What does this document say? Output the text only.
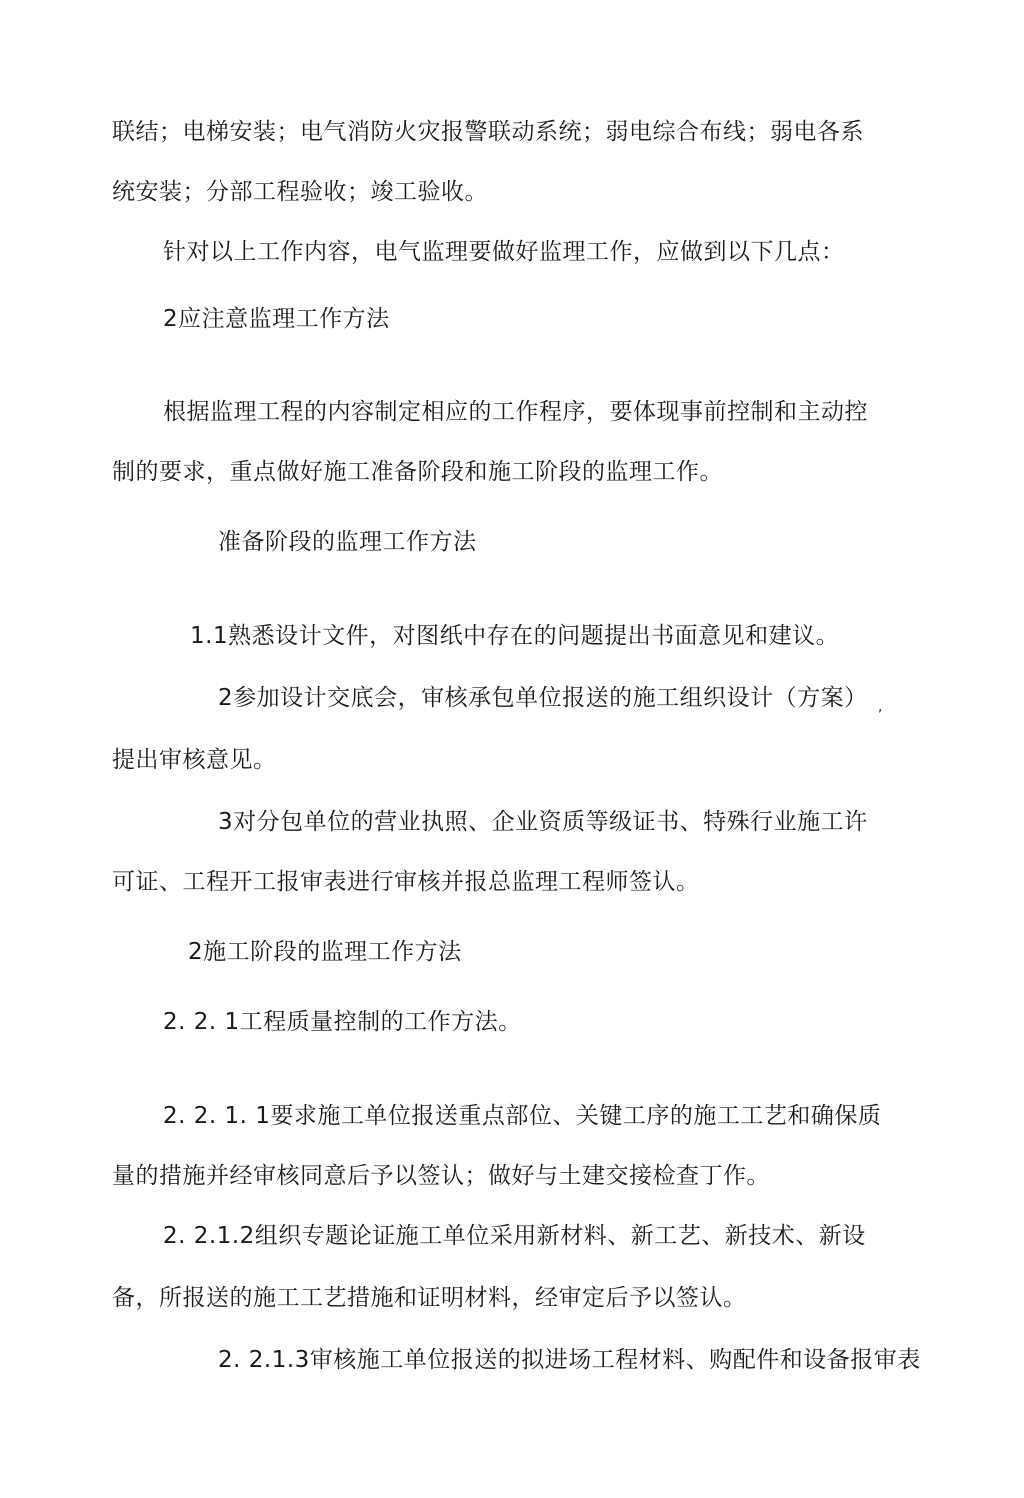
联结；电梯安装；电气消防火灾报警联动系统；弱电综合布线；弱电各系
统安装；分部工程验收；竣工验收。
针对以上工作内容，电气监理要做好监理工作，应做到以下几点：
2应注意监理工作方法
根据监理工程的内容制定相应的工作程序，要体现事前控制和主动控
制的要求，重点做好施工准备阶段和施工阶段的监理工作。
准备阶段的监理工作方法
1.1熟悉设计文件，对图纸中存在的问题提出书面意见和建议。
2参加设计交底会，审核承包单位报送的施工组织设计（方案） ,
提出审核意见。
3对分包单位的营业执照、企业资质等级证书、特殊行业施工许
可证、工程开工报审表进行审核并报总监理工程师签认。
2施工阶段的监理工作方法
2. 2. 1工程质量控制的工作方法。
2. 2. 1. 1要求施工单位报送重点部位、关键工序的施工工艺和确保质
量的措施并经审核同意后予以签认；做好与土建交接检查丁作。
2. 2.1.2组织专题论证施工单位采用新材料、新工艺、新技术、新设
备，所报送的施工工艺措施和证明材料，经审定后予以签认。
2. 2.1.3审核施工单位报送的拟进场工程材料、购配件和设备报审表
